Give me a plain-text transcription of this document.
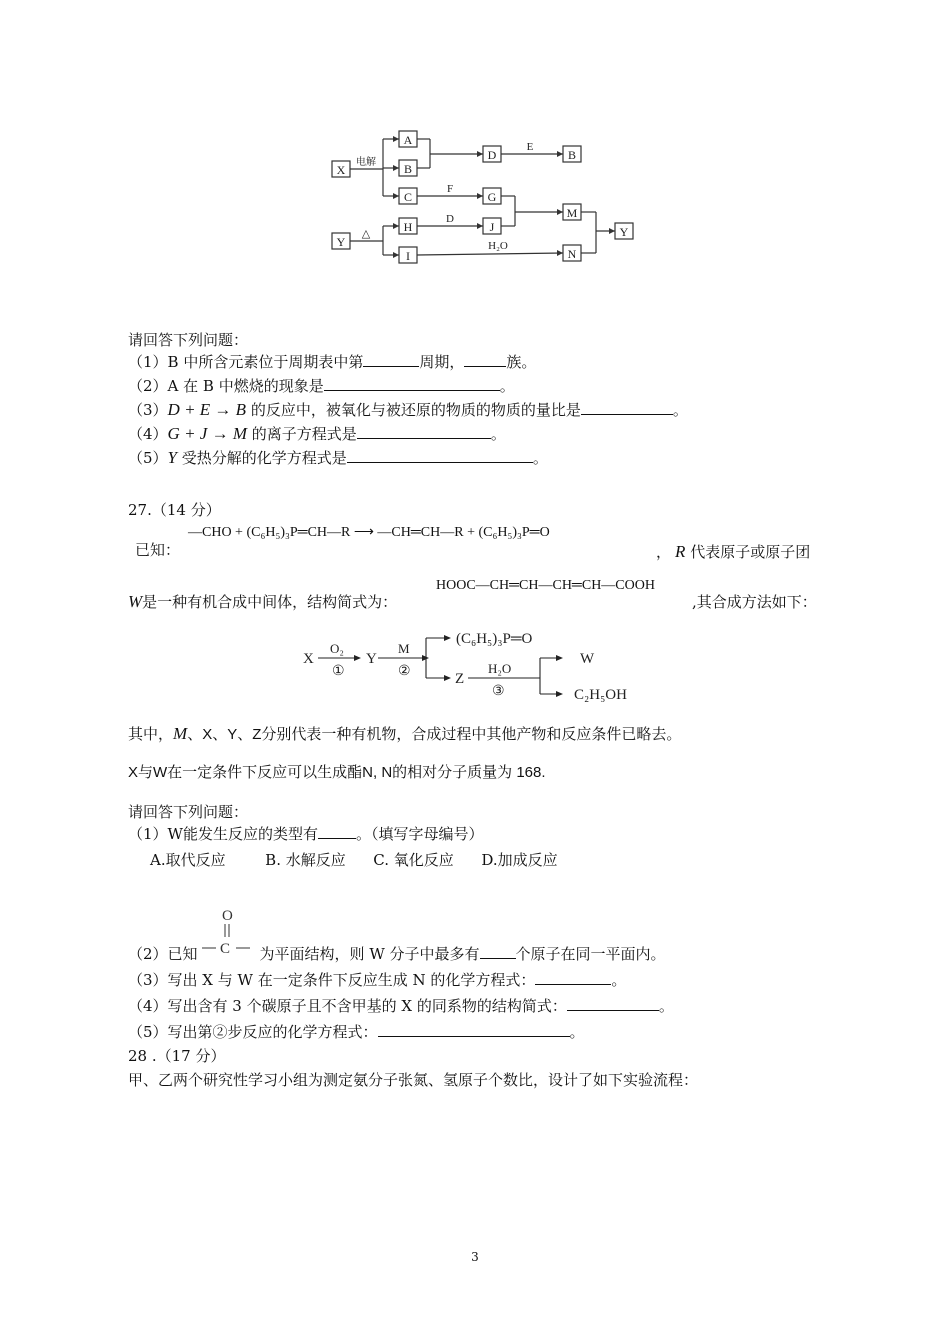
X
A
B
C
D	B
G
H	J
I
M
N
Y
Y
电解
E
F
D
△
H₂O
请回答下列问题：
（1）B 中所含元素位于周期表中第	周期，	族。
（2）A 在 B 中燃烧的现象是	。
（3）D + E → B 的反应中，被氧化与被还原的物质的物质的量比是	。
（4）G + J → M 的离子方程式是	。
（5）Y 受热分解的化学方程式是	。
27.（14 分）
已知：
—CHO + (C₆H₅)₃P═CH—R ⟶ —CH═CH—R + (C₆H₅)₃P═O
， R 代表原子或原子团
W是一种有机合成中间体，结构简式为：
HOOC—CH═CH—CH═CH—COOH
,其合成方法如下：
X	Y
O₂
①
M
②
(C₆H₅)₃P═O
Z
H₂O
③
W
C₂H₅OH
其中，M、X、Y、Z分别代表一种有机物，合成过程中其他产物和反应条件已略去。
X与W在一定条件下反应可以生成酯N, N的相对分子质量为 168.
请回答下列问题：
（1）W能发生反应的类型有	。（填写字母编号）
A.取代反应	B. 水解反应 C. 氧化反应 D.加成反应
O
C
（2）已知	为平面结构，则 W 分子中最多有 个原子在同一平面内。
（3）写出 X 与 W 在一定条件下反应生成 N 的化学方程式：	。
（4）写出含有 3 个碳原子且不含甲基的 X 的同系物的结构简式：	。
（5）写出第②步反应的化学方程式：	。
28 .（17 分）
甲、乙两个研究性学习小组为测定氨分子张氮、氢原子个数比，设计了如下实验流程：
3
